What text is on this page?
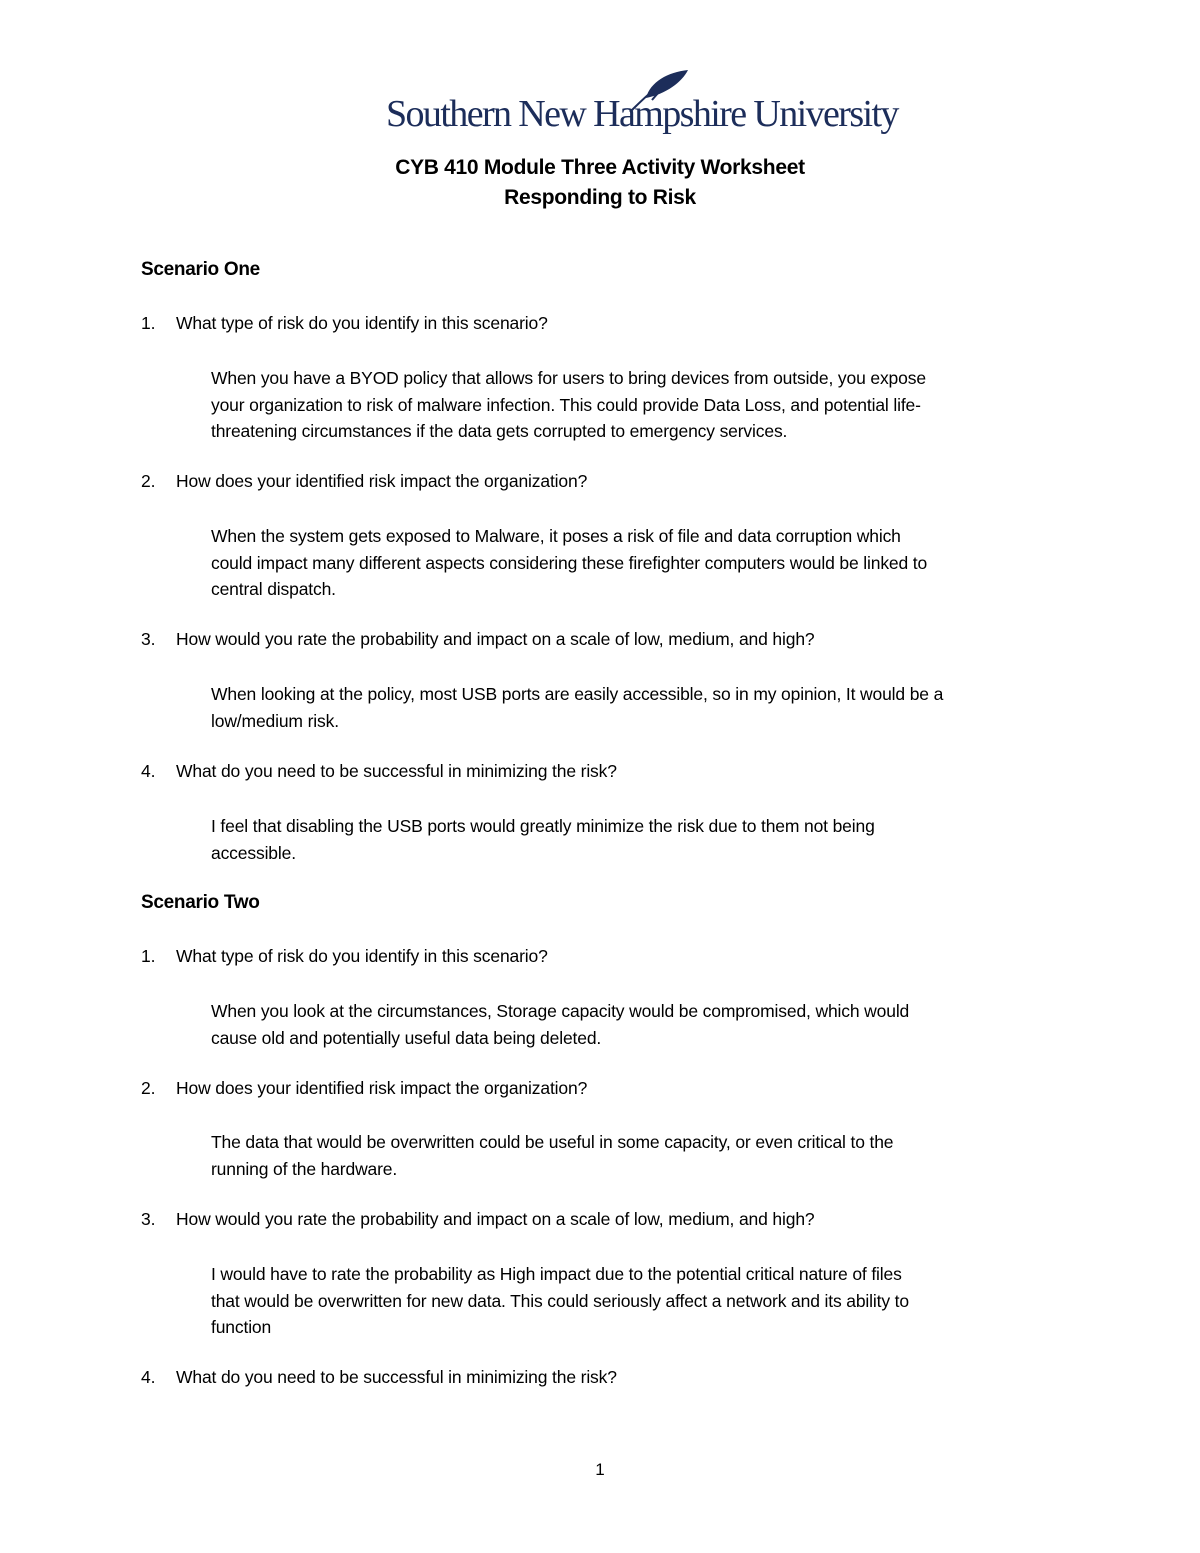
Southern New Hampshire University
CYB 410 Module Three Activity Worksheet
Responding to Risk
Scenario One
1. What type of risk do you identify in this scenario?
When you have a BYOD policy that allows for users to bring devices from outside, you expose
your organization to risk of malware infection. This could provide Data Loss, and potential life-
threatening circumstances if the data gets corrupted to emergency services.
2. How does your identified risk impact the organization?
When the system gets exposed to Malware, it poses a risk of file and data corruption which
could impact many different aspects considering these firefighter computers would be linked to
central dispatch.
3. How would you rate the probability and impact on a scale of low, medium, and high?
When looking at the policy, most USB ports are easily accessible, so in my opinion, It would be a
low/medium risk.
4. What do you need to be successful in minimizing the risk?
I feel that disabling the USB ports would greatly minimize the risk due to them not being
accessible.
Scenario Two
1. What type of risk do you identify in this scenario?
When you look at the circumstances, Storage capacity would be compromised, which would
cause old and potentially useful data being deleted.
2. How does your identified risk impact the organization?
The data that would be overwritten could be useful in some capacity, or even critical to the
running of the hardware.
3. How would you rate the probability and impact on a scale of low, medium, and high?
I would have to rate the probability as High impact due to the potential critical nature of files
that would be overwritten for new data. This could seriously affect a network and its ability to
function
4. What do you need to be successful in minimizing the risk?
1
